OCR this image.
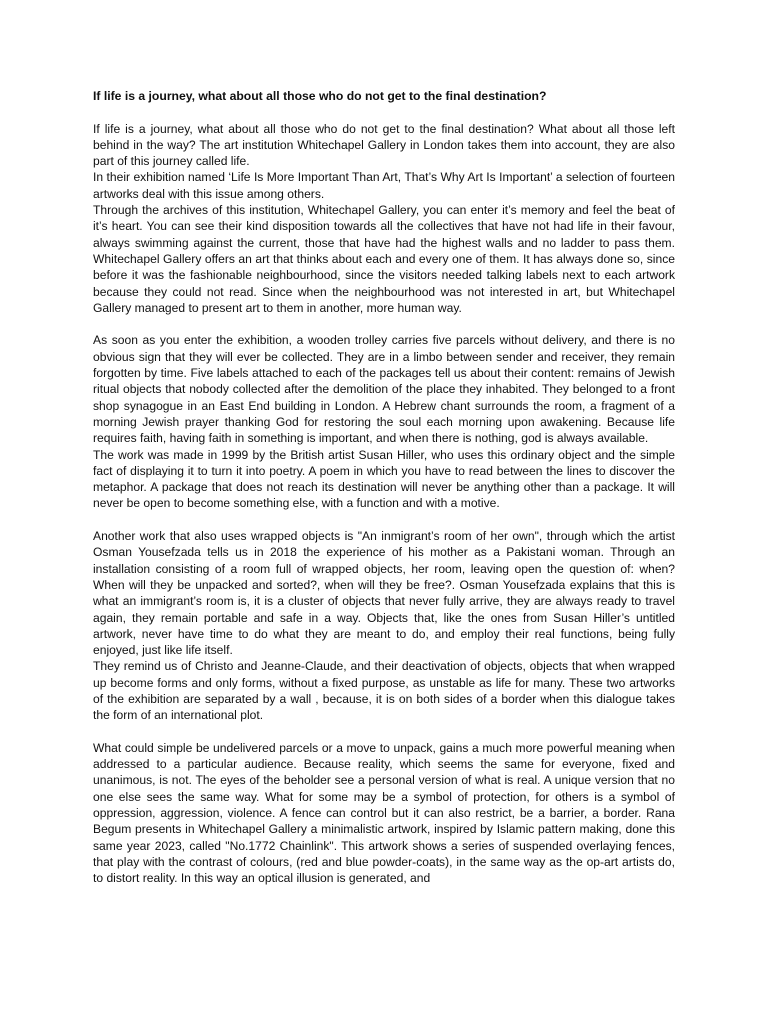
If life is a journey, what about all those who do not get to the final destination?

If life is a journey, what about all those who do not get to the final destination? What about all those left behind in the way? The art institution Whitechapel Gallery in London takes them into account, they are also part of this journey called life.

In their exhibition named ‘Life Is More Important Than Art, That’s Why Art Is Important’ a selection of fourteen artworks deal with this issue among others.

Through the archives of this institution, Whitechapel Gallery, you can enter it’s memory and feel the beat of it’s heart. You can see their kind disposition towards all the collectives that have not had life in their favour, always swimming against the current, those that have had the highest walls and no ladder to pass them. Whitechapel Gallery offers an art that thinks about each and every one of them. It has always done so, since before it was the fashionable neighbourhood, since the visitors needed talking labels next to each artwork because they could not read. Since when the neighbourhood was not interested in art, but Whitechapel Gallery managed to present art to them in another, more human way.

As soon as you enter the exhibition, a wooden trolley carries five parcels without delivery, and there is no obvious sign that they will ever be collected. They are in a limbo between sender and receiver, they remain forgotten by time. Five labels attached to each of the packages tell us about their content: remains of Jewish ritual objects that nobody collected after the demolition of the place they inhabited. They belonged to a front shop synagogue in an East End building in London. A Hebrew chant surrounds the room, a fragment of a morning Jewish prayer thanking God for restoring the soul each morning upon awakening. Because life requires faith, having faith in something is important, and when there is nothing, god is always available.

The work was made in 1999 by the British artist Susan Hiller, who uses this ordinary object and the simple fact of displaying it to turn it into poetry. A poem in which you have to read between the lines to discover the metaphor. A package that does not reach its destination will never be anything other than a package. It will never be open to become something else, with a function and with a motive.

Another work that also uses wrapped objects is "An inmigrant’s room of her own", through which the artist Osman Yousefzada tells us in 2018 the experience of his mother as a Pakistani woman. Through an installation consisting of a room full of wrapped objects, her room, leaving open the question of: when? When will they be unpacked and sorted?, when will they be free?. Osman Yousefzada explains that this is what an immigrant’s room is, it is a cluster of objects that never fully arrive, they are always ready to travel again, they remain portable and safe in a way. Objects that, like the ones from Susan Hiller’s untitled artwork, never have time to do what they are meant to do, and employ their real functions, being fully enjoyed, just like life itself.

They remind us of Christo and Jeanne-Claude, and their deactivation of objects, objects that when wrapped up become forms and only forms, without a fixed purpose, as unstable as life for many. These two artworks of the exhibition are separated by a wall , because, it is on both sides of a border when this dialogue takes the form of an international plot.

What could simple be undelivered parcels or a move to unpack, gains a much more powerful meaning when addressed to a particular audience. Because reality, which seems the same for everyone, fixed and unanimous, is not. The eyes of the beholder see a personal version of what is real. A unique version that no one else sees the same way. What for some may be a symbol of protection, for others is a symbol of oppression, aggression, violence. A fence can control but it can also restrict, be a barrier, a border. Rana Begum presents in Whitechapel Gallery a minimalistic artwork, inspired by Islamic pattern making, done this same year 2023, called "No.1772 Chainlink". This artwork shows a series of suspended overlaying fences, that play with the contrast of colours, (red and blue powder-coats), in the same way as the op-art artists do, to distort reality. In this way an optical illusion is generated, and
